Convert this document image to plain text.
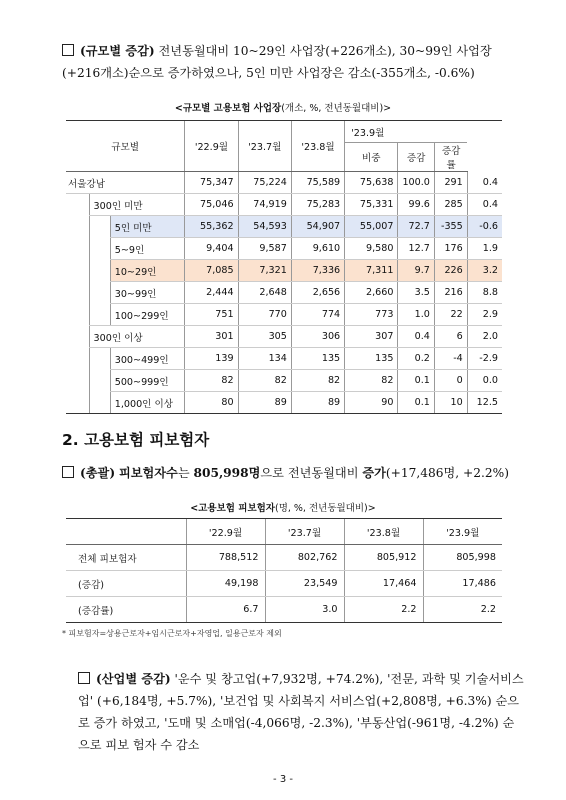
(규모별 증감) 전년동월대비 10~29인 사업장(+226개소), 30~99인 사업장 (+216개소)순으로 증가하였으나, 5인 미만 사업장은 감소(-355개소, -0.6%)
<규모별 고용보험 사업장(개소, %, 전년동월대비)>
규모별			'22.9월	'23.7월	'23.8월	'23.9월			
						비중	증감	증감률	
서울강남			75,347	75,224	75,589	75,638	100.0	291	0.4
	300인 미만		75,046	74,919	75,283	75,331	99.6	285	0.4
		5인 미만	55,362	54,593	54,907	55,007	72.7	-355	-0.6
		5~9인	9,404	9,587	9,610	9,580	12.7	176	1.9
		10~29인	7,085	7,321	7,336	7,311	9.7	226	3.2
		30~99인	2,444	2,648	2,656	2,660	3.5	216	8.8
		100~299인	751	770	774	773	1.0	22	2.9
	300인 이상		301	305	306	307	0.4	6	2.0
		300~499인	139	134	135	135	0.2	-4	-2.9
		500~999인	82	82	82	82	0.1	0	0.0
		1,000인 이상	80	89	89	90	0.1	10	12.5
2. 고용보험 피보험자
(총괄) 피보험자수는 805,998명으로 전년동월대비 증가(+17,486명, +2.2%)
<고용보험 피보험자(명, %, 전년동월대비)>
	'22.9월	'23.7월	'23.8월	'23.9월
전체 피보험자	788,512	802,762	805,912	805,998
(증감)	49,198	23,549	17,464	17,486
(증감률)	6.7	3.0	2.2	2.2
* 피보험자=상용근로자+임시근로자+자영업, 일용근로자 제외
(산업별 증감) '운수 및 창고업(+7,932명, +74.2%), '전문, 과학 및 기술서비스업' (+6,184명, +5.7%), '보건업 및 사회복지 서비스업(+2,808명, +6.3%) 순으로 증가 하였고, '도매 및 소매업(-4,066명, -2.3%), '부동산업(-961명, -4.2%) 순으로 피보 험자 수 감소
- 3 -
